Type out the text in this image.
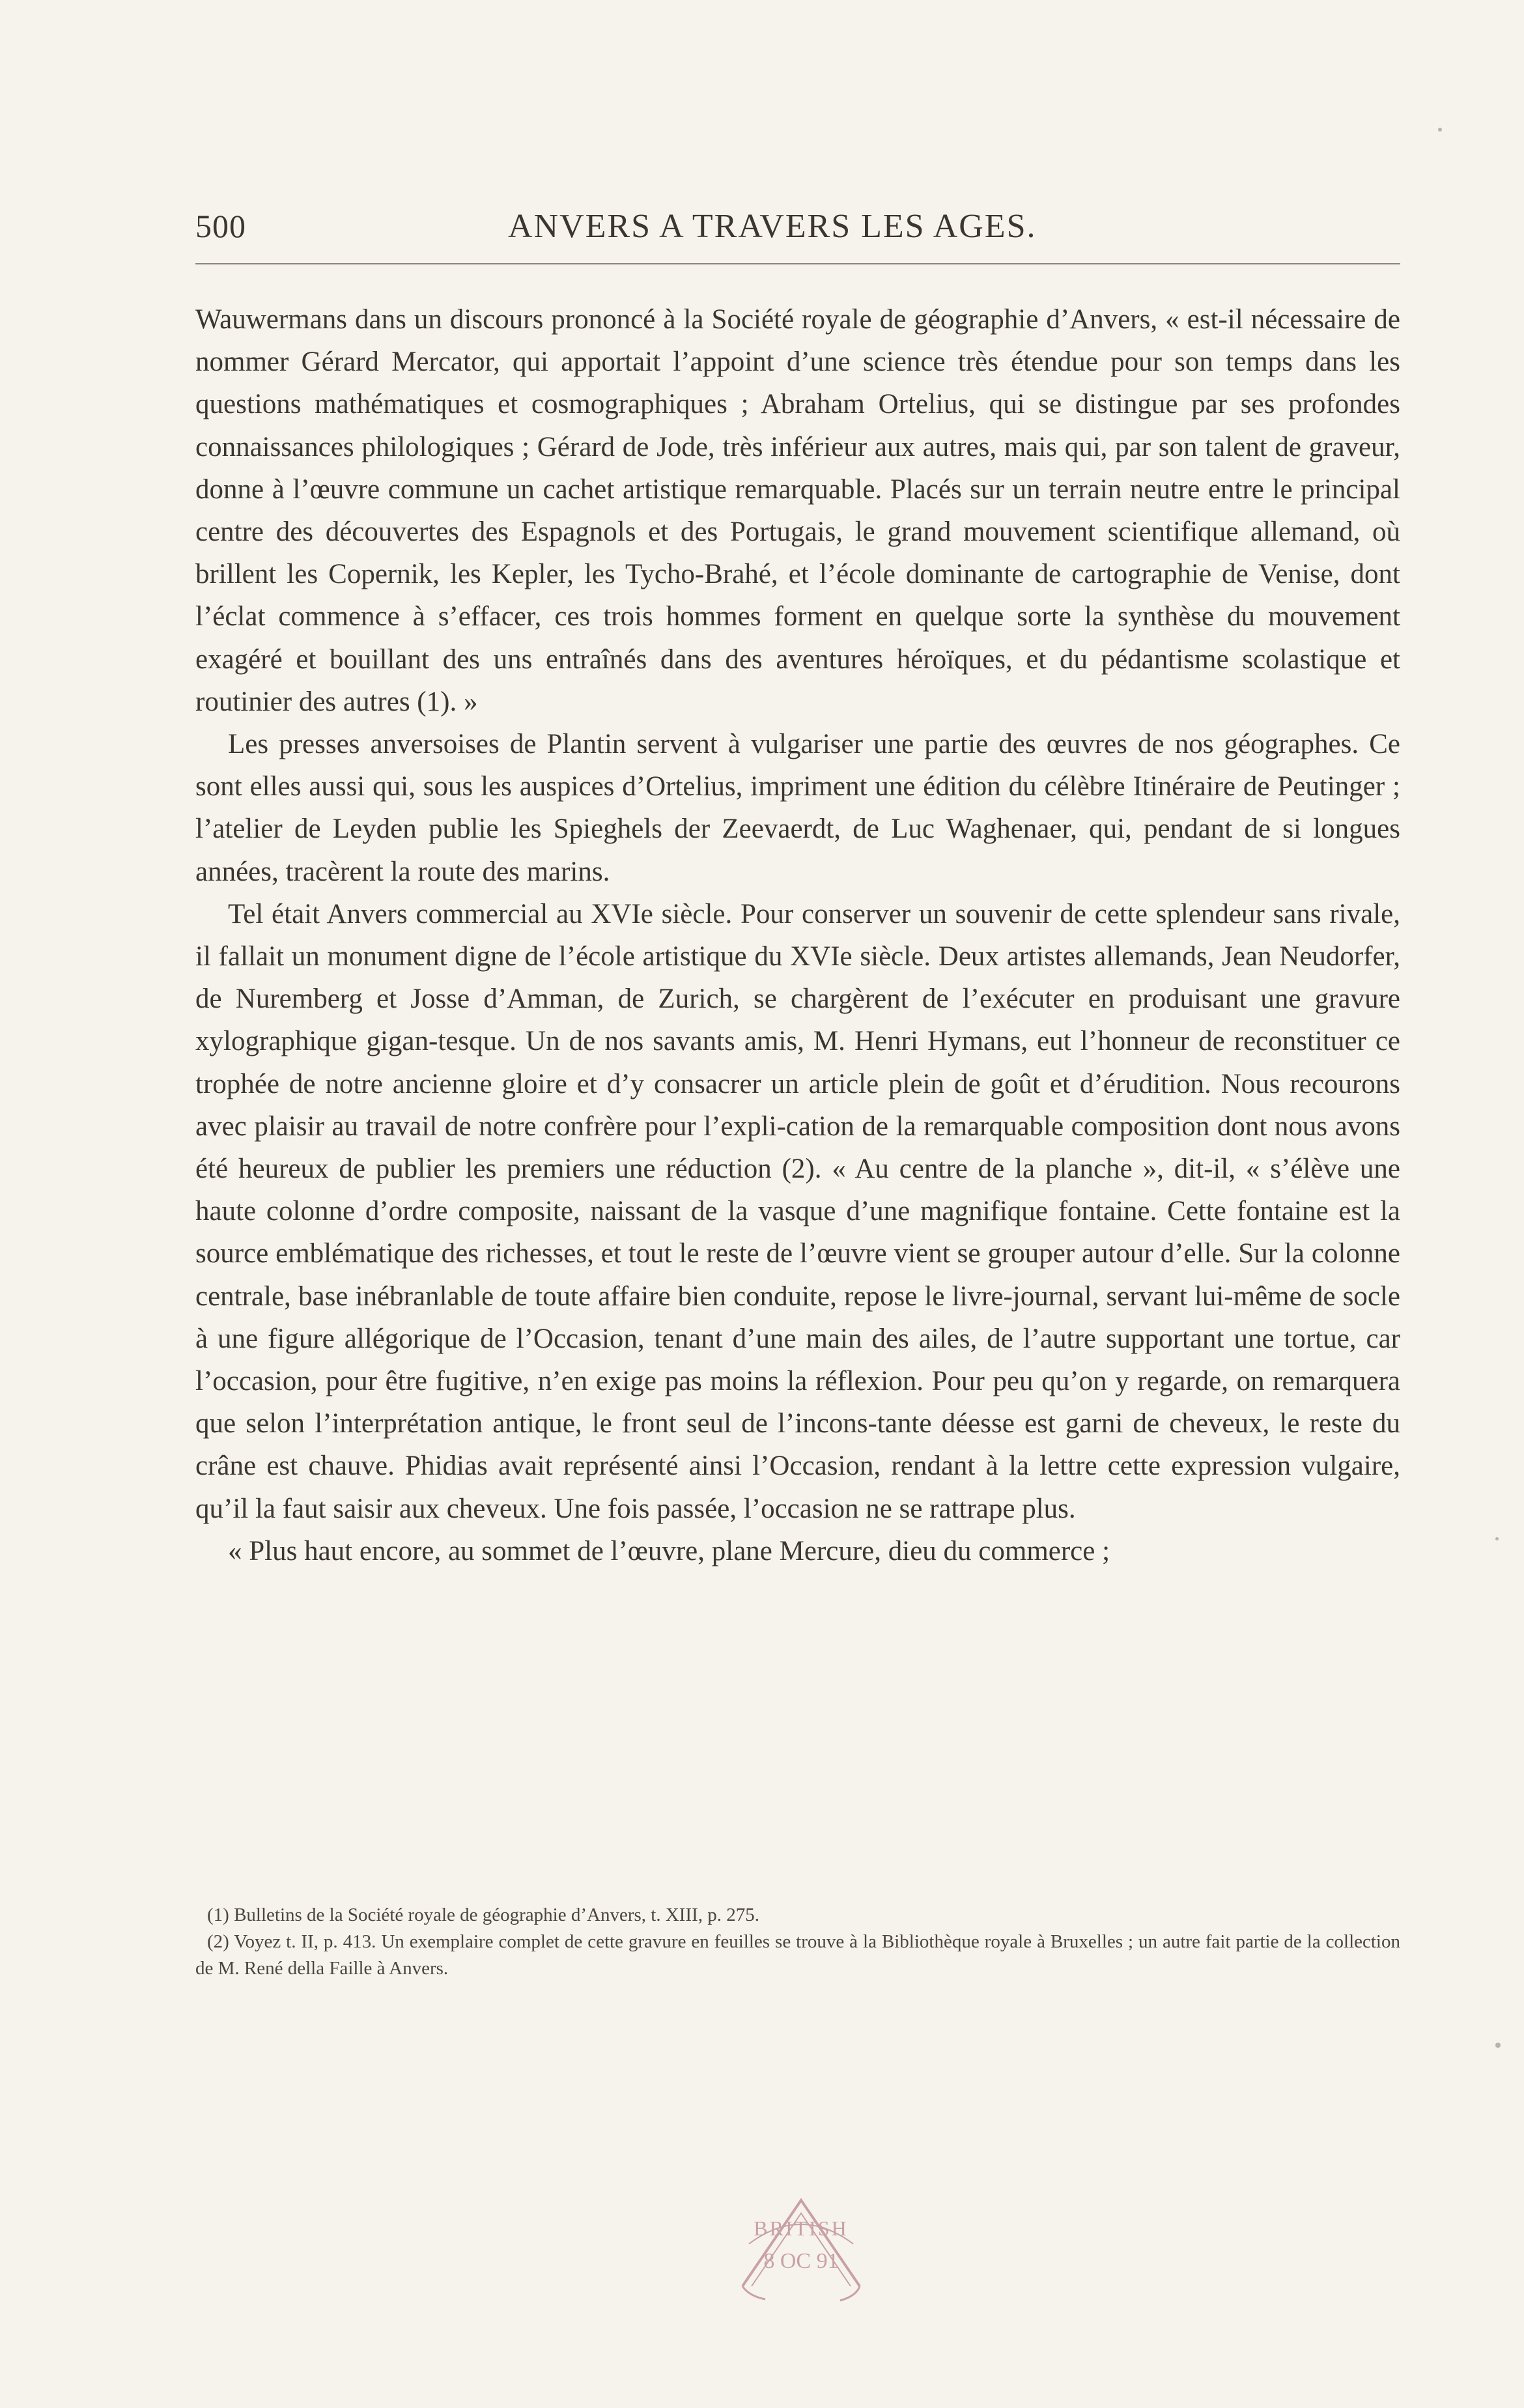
500	ANVERS A TRAVERS LES AGES.

Wauwermans dans un discours prononcé à la Société royale de géographie d’Anvers, « est-il nécessaire de nommer Gérard Mercator, qui apportait l’appoint d’une science très étendue pour son temps dans les questions mathématiques et cosmographiques ; Abraham Ortelius, qui se distingue par ses profondes connaissances philologiques ; Gérard de Jode, très inférieur aux autres, mais qui, par son talent de graveur, donne à l’œuvre commune un cachet artistique remarquable. Placés sur un terrain neutre entre le principal centre des découvertes des Espagnols et des Portugais, le grand mouvement scientifique allemand, où brillent les Copernik, les Kepler, les Tycho-Brahé, et l’école dominante de cartographie de Venise, dont l’éclat commence à s’effacer, ces trois hommes forment en quelque sorte la synthèse du mouvement exagéré et bouillant des uns entraînés dans des aventures héroïques, et du pédantisme scolastique et routinier des autres (1). »

Les presses anversoises de Plantin servent à vulgariser une partie des œuvres de nos géographes. Ce sont elles aussi qui, sous les auspices d’Ortelius, impriment une édition du célèbre Itinéraire de Peutinger ; l’atelier de Leyden publie les Spieghels der Zeevaerdt, de Luc Waghenaer, qui, pendant de si longues années, tracèrent la route des marins.

Tel était Anvers commercial au XVIe siècle. Pour conserver un souvenir de cette splendeur sans rivale, il fallait un monument digne de l’école artistique du XVIe siècle. Deux artistes allemands, Jean Neudorfer, de Nuremberg et Josse d’Amman, de Zurich, se chargèrent de l’exécuter en produisant une gravure xylographique gigan-tesque. Un de nos savants amis, M. Henri Hymans, eut l’honneur de reconstituer ce trophée de notre ancienne gloire et d’y consacrer un article plein de goût et d’érudition. Nous recourons avec plaisir au travail de notre confrère pour l’expli-cation de la remarquable composition dont nous avons été heureux de publier les premiers une réduction (2). « Au centre de la planche », dit-il, « s’élève une haute colonne d’ordre composite, naissant de la vasque d’une magnifique fontaine. Cette fontaine est la source emblématique des richesses, et tout le reste de l’œuvre vient se grouper autour d’elle. Sur la colonne centrale, base inébranlable de toute affaire bien conduite, repose le livre-journal, servant lui-même de socle à une figure allégorique de l’Occasion, tenant d’une main des ailes, de l’autre supportant une tortue, car l’occasion, pour être fugitive, n’en exige pas moins la réflexion. Pour peu qu’on y regarde, on remarquera que selon l’interprétation antique, le front seul de l’incons-tante déesse est garni de cheveux, le reste du crâne est chauve. Phidias avait représenté ainsi l’Occasion, rendant à la lettre cette expression vulgaire, qu’il la faut saisir aux cheveux. Une fois passée, l’occasion ne se rattrape plus.

« Plus haut encore, au sommet de l’œuvre, plane Mercure, dieu du commerce ;

(1) Bulletins de la Société royale de géographie d’Anvers, t. XIII, p. 275.

(2) Voyez t. II, p. 413. Un exemplaire complet de cette gravure en feuilles se trouve à la Bibliothèque royale à Bruxelles ; un autre fait partie de la collection de M. René della Faille à Anvers.

BRITISH
8 OC 91
